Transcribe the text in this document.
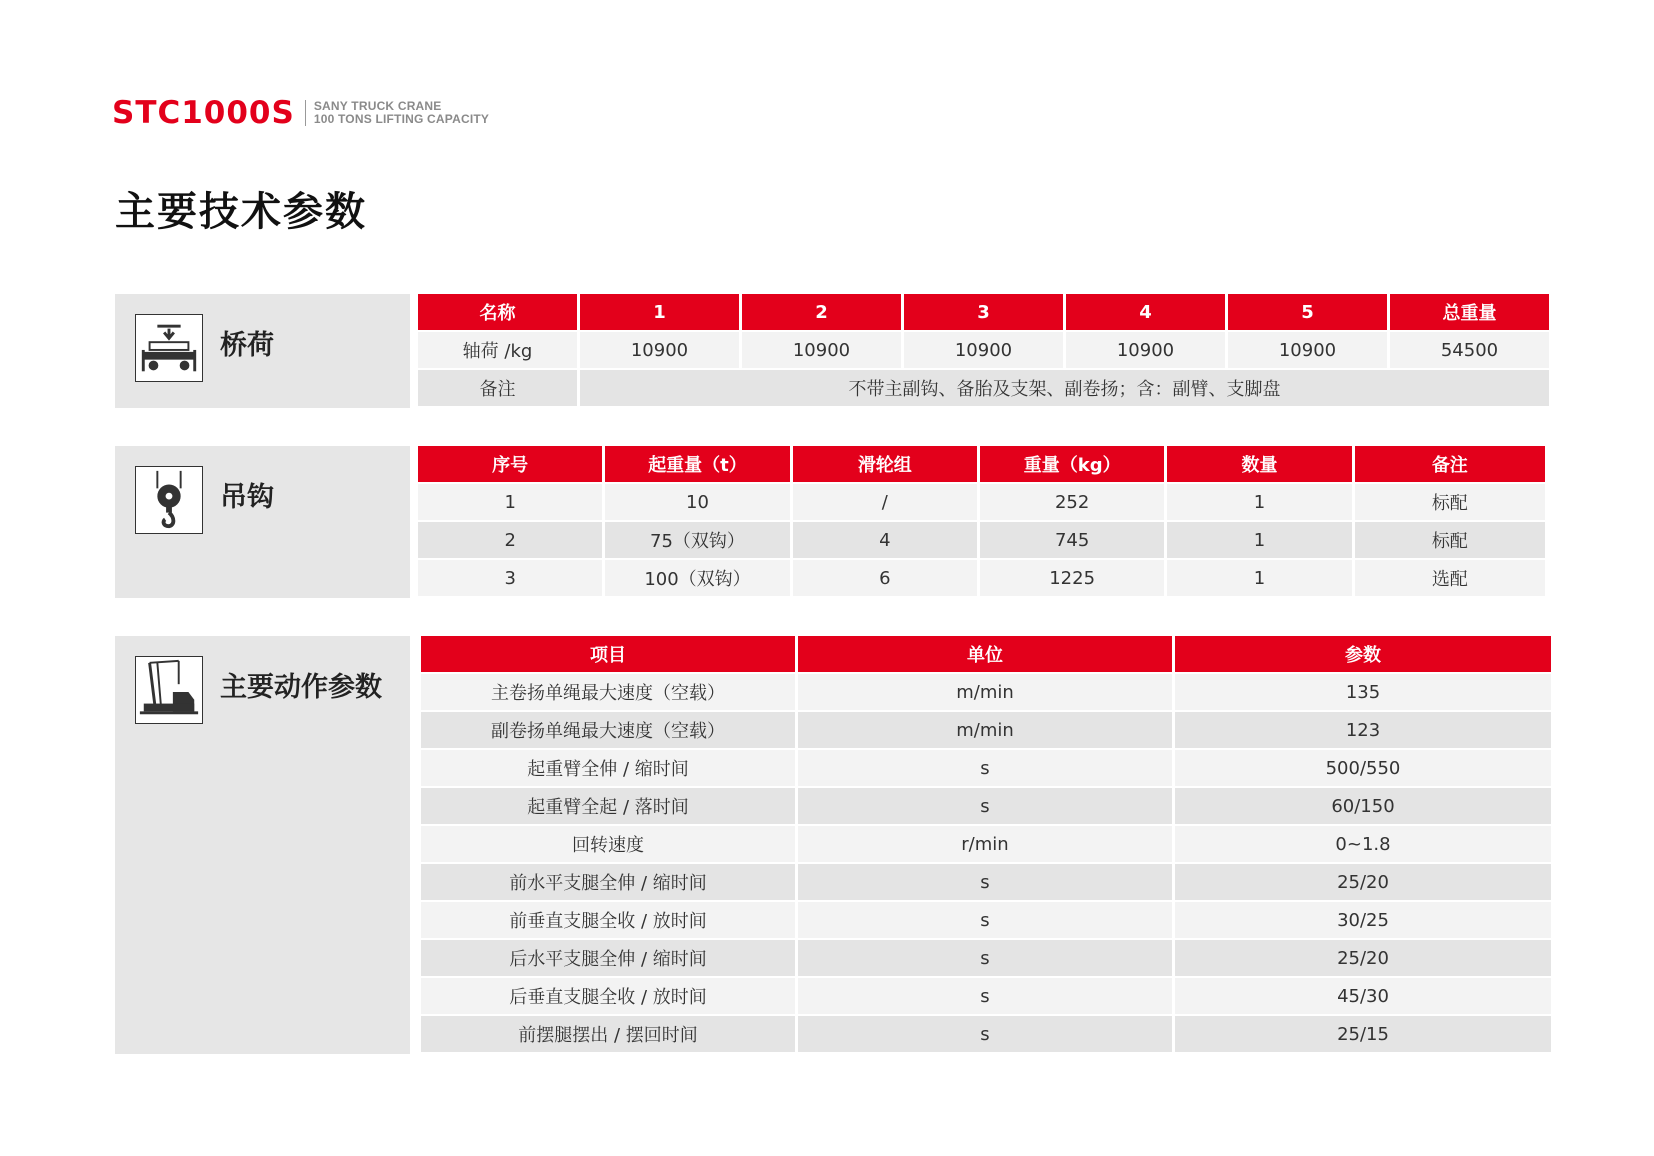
STC1000S SANY TRUCK CRANE
100 TONS LIFTING CAPACITY
主要技术参数
桥荷
名称	1	2	3	4	5	总重量
轴荷 /kg	10900	10900	10900	10900	10900	54500
备注	不带主副钩、备胎及支架、副卷扬；含：副臂、支脚盘					
吊钩
序号	起重量（t）	滑轮组	重量（kg）	数量	备注
1	10	/	252	1	标配
2	75（双钩）	4	745	1	标配
3	100（双钩）	6	1225	1	选配
主要动作参数
项目	单位	参数
主卷扬单绳最大速度（空载）	m/min	135
副卷扬单绳最大速度（空载）	m/min	123
起重臂全伸 / 缩时间	s	500/550
起重臂全起 / 落时间	s	60/150
回转速度	r/min	0~1.8
前水平支腿全伸 / 缩时间	s	25/20
前垂直支腿全收 / 放时间	s	30/25
后水平支腿全伸 / 缩时间	s	25/20
后垂直支腿全收 / 放时间	s	45/30
前摆腿摆出 / 摆回时间	s	25/15
